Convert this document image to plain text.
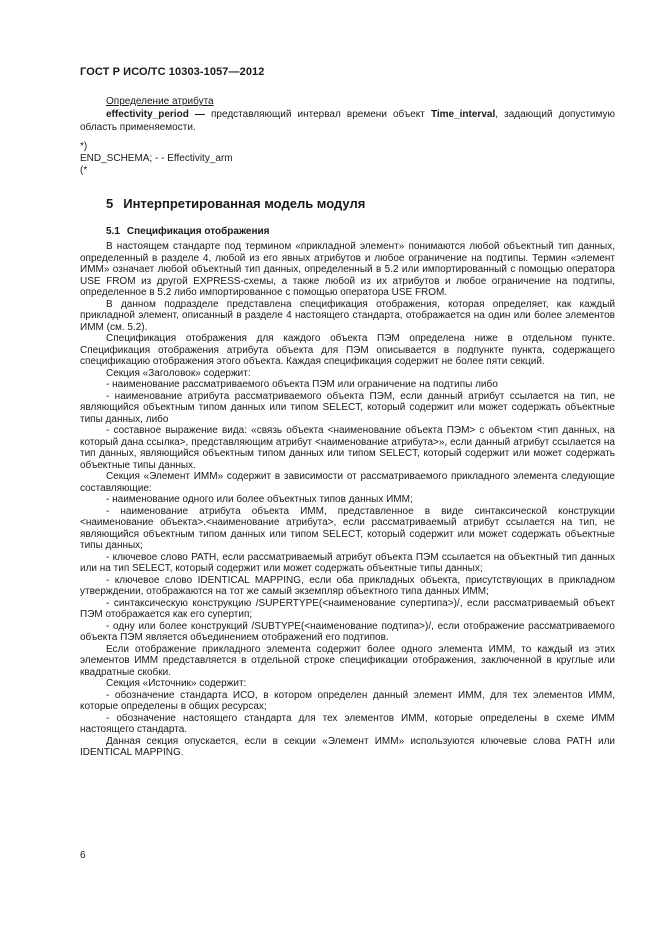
ГОСТ Р ИСО/ТС 10303-1057—2012
Определение атрибута
effectivity_period — представляющий интервал времени объект Time_interval, задающий допустимую область применяемости.
*)
END_SCHEMA; - - Effectivity_arm
(*
5 Интерпретированная модель модуля
5.1 Спецификация отображения

В настоящем стандарте под термином «прикладной элемент» понимаются любой объектный тип данных, определенный в разделе 4, любой из его явных атрибутов и любое ограничение на подтипы. Термин «элемент ИММ» означает любой объектный тип данных, определенный в 5.2 или импортированный с помощью оператора USE FROM из другой EXPRESS-схемы, а также любой из их атрибутов и любое ограничение на подтипы, определенное в 5.2 либо импортированное с помощью оператора USE FROM.

В данном подразделе представлена спецификация отображения, которая определяет, как каждый прикладной элемент, описанный в разделе 4 настоящего стандарта, отображается на один или более элементов ИММ (см. 5.2).

Спецификация отображения для каждого объекта ПЭМ определена ниже в отдельном пункте. Спецификация отображения атрибута объекта для ПЭМ описывается в подпункте пункта, содержащего спецификацию отображения этого объекта. Каждая спецификация содержит не более пяти секций.

Секция «Заголовок» содержит:

- наименование рассматриваемого объекта ПЭМ или ограничение на подтипы либо

- наименование атрибута рассматриваемого объекта ПЭМ, если данный атрибут ссылается на тип, не являющийся объектным типом данных или типом SELECT, который содержит или может содержать объектные типы данных, либо

- составное выражение вида: «связь объекта <наименование объекта ПЭМ> с объектом <тип данных, на который дана ссылка>, представляющим атрибут <наименование атрибута>», если данный атрибут ссылается на тип данных, являющийся объектным типом данных или типом SELECT, который содержит или может содержать объектные типы данных.

Секция «Элемент ИММ» содержит в зависимости от рассматриваемого прикладного элемента следующие составляющие:

- наименование одного или более объектных типов данных ИММ;

- наименование атрибута объекта ИММ, представленное в виде синтаксической конструкции <наименование объекта>.<наименование атрибута>, если рассматриваемый атрибут ссылается на тип, не являющийся объектным типом данных или типом SELECT, который содержит или может содержать объектные типы данных;

- ключевое слово PATH, если рассматриваемый атрибут объекта ПЭМ ссылается на объектный тип данных или на тип SELECT, который содержит или может содержать объектные типы данных;

- ключевое слово IDENTICAL MAPPING, если оба прикладных объекта, присутствующих в прикладном утверждении, отображаются на тот же самый экземпляр объектного типа данных ИММ;

- синтаксическую конструкцию /SUPERTYPE(<наименование супертипа>)/, если рассматриваемый объект ПЭМ отображается как его супертип;

- одну или более конструкций /SUBTYPE(<наименование подтипа>)/, если отображение рассматриваемого объекта ПЭМ является объединением отображений его подтипов.

Если отображение прикладного элемента содержит более одного элемента ИММ, то каждый из этих элементов ИММ представляется в отдельной строке спецификации отображения, заключенной в круглые или квадратные скобки.

Секция «Источник» содержит:

- обозначение стандарта ИСО, в котором определен данный элемент ИММ, для тех элементов ИММ, которые определены в общих ресурсах;

- обозначение настоящего стандарта для тех элементов ИММ, которые определены в схеме ИММ настоящего стандарта.

Данная секция опускается, если в секции «Элемент ИММ» используются ключевые слова PATH или IDENTICAL MAPPING.

6
